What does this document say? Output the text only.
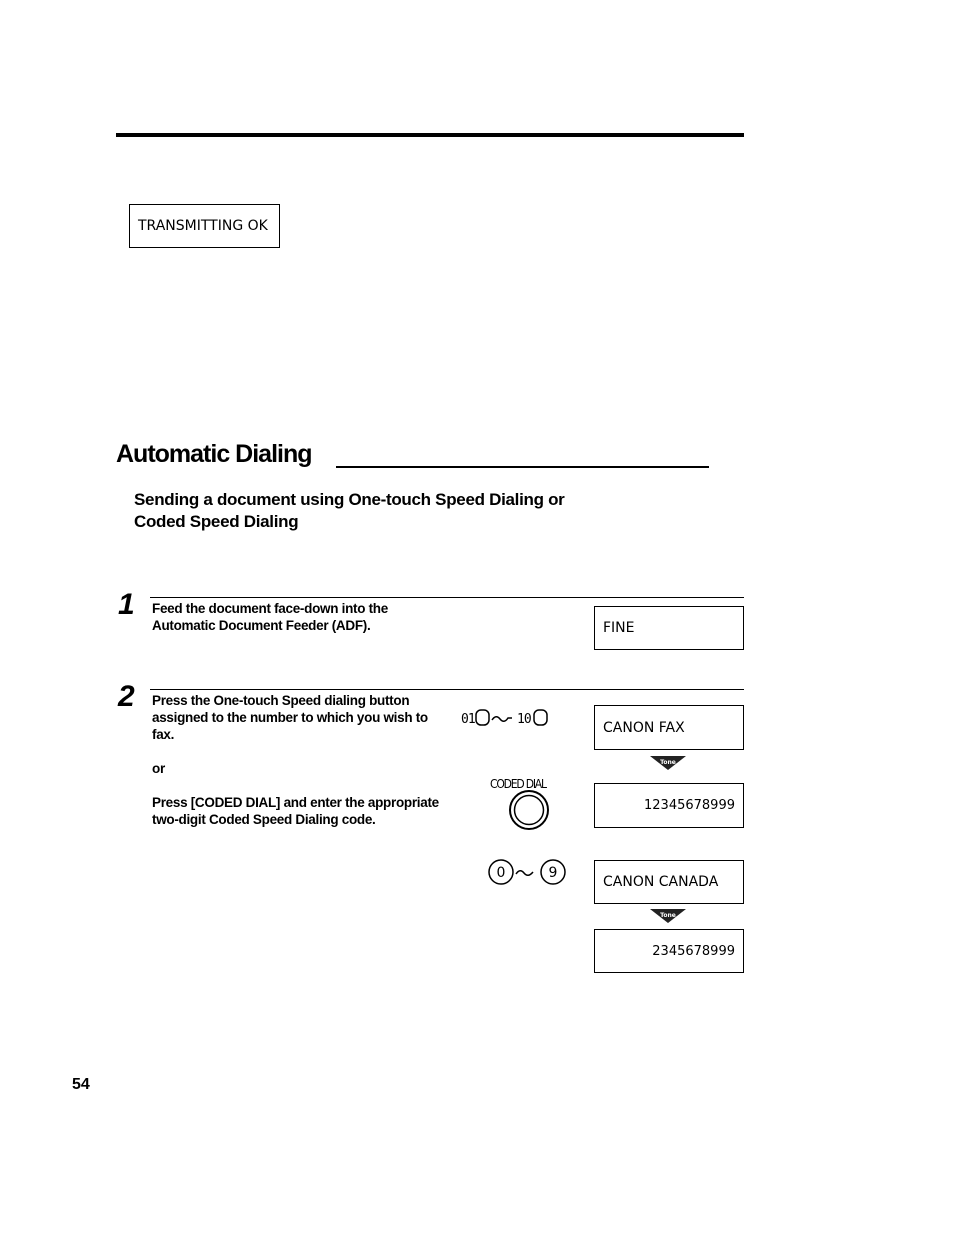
TRANSMITTING OK
Automatic Dialing
Sending a document using One-touch Speed Dialing or
Coded Speed Dialing
1 Feed the document face-down into the
Automatic Document Feeder (ADF).	FINE
2 Press the One-touch Speed dialing button
assigned to the number to which you wish to
fax.
or
Press [CODED DIAL] and enter the appropriate
two-digit Coded Speed Dialing code.
01	10
CODED DIAL
0	9
CANON FAX
Tone
12345678999
CANON CANADA
Tone
2345678999
54
